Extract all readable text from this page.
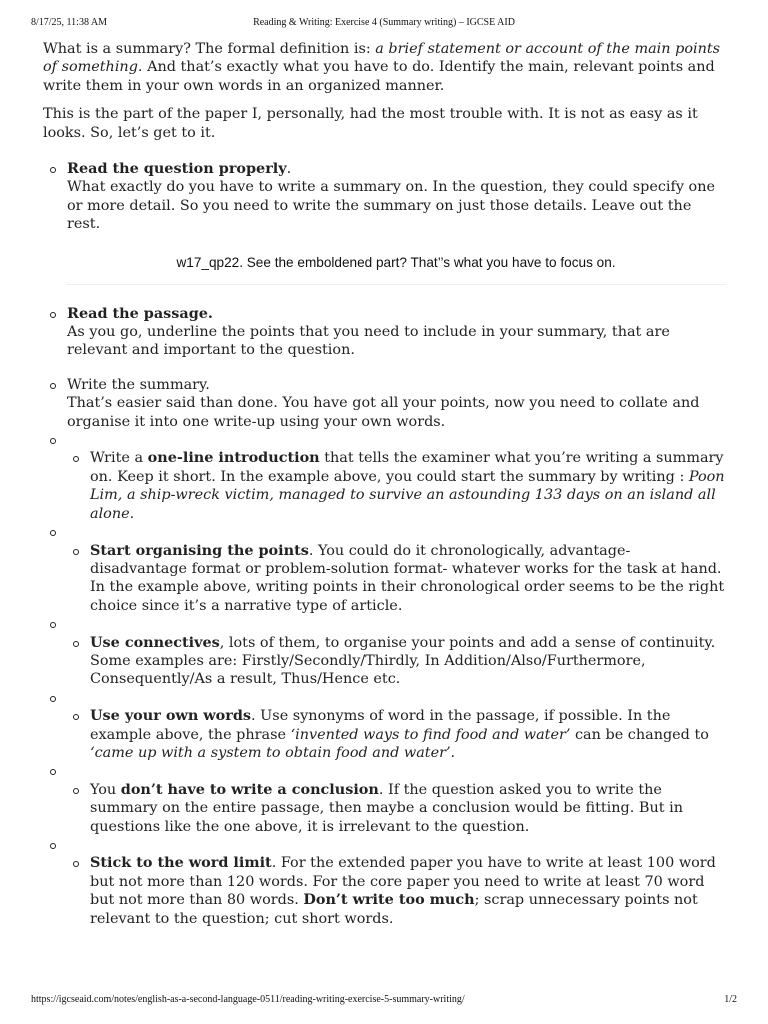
8/17/25, 11:38 AM	Reading & Writing: Exercise 4 (Summary writing) – IGCSE AID

What is a summary? The formal definition is: a brief statement or account of the main points of something. And that’s exactly what you have to do. Identify the main, relevant points and write them in your own words in an organized manner.

This is the part of the paper I, personally, had the most trouble with. It is not as easy as it looks. So, let’s get to it.

Read the question properly.
What exactly do you have to write a summary on. In the question, they could specify one or more detail. So you need to write the summary on just those details. Leave out the rest.
w17_qp22. See the emboldened part? That’’s what you have to focus on.
Read the passage.
As you go, underline the points that you need to include in your summary, that are relevant and important to the question.
Write the summary.
That’s easier said than done. You have got all your points, now you need to collate and organise it into one write-up using your own words.
Write a one-line introduction that tells the examiner what you’re writing a summary on. Keep it short. In the example above, you could start the summary by writing : Poon Lim, a ship-wreck victim, managed to survive an astounding 133 days on an island all alone.
Start organising the points. You could do it chronologically, advantage-disadvantage format or problem-solution format- whatever works for the task at hand. In the example above, writing points in their chronological order seems to be the right choice since it’s a narrative type of article.
Use connectives, lots of them, to organise your points and add a sense of continuity. Some examples are: Firstly/Secondly/Thirdly, In Addition/Also/Furthermore, Consequently/As a result, Thus/Hence etc.
Use your own words. Use synonyms of word in the passage, if possible. In the example above, the phrase ‘invented ways to find food and water’ can be changed to ‘came up with a system to obtain food and water’.
You don’t have to write a conclusion. If the question asked you to write the summary on the entire passage, then maybe a conclusion would be fitting. But in questions like the one above, it is irrelevant to the question.
Stick to the word limit. For the extended paper you have to write at least 100 word but not more than 120 words. For the core paper you need to write at least 70 word but not more than 80 words. Don’t write too much; scrap unnecessary points not relevant to the question; cut short words.
https://igcseaid.com/notes/english-as-a-second-language-0511/reading-writing-exercise-5-summary-writing/	1/2
